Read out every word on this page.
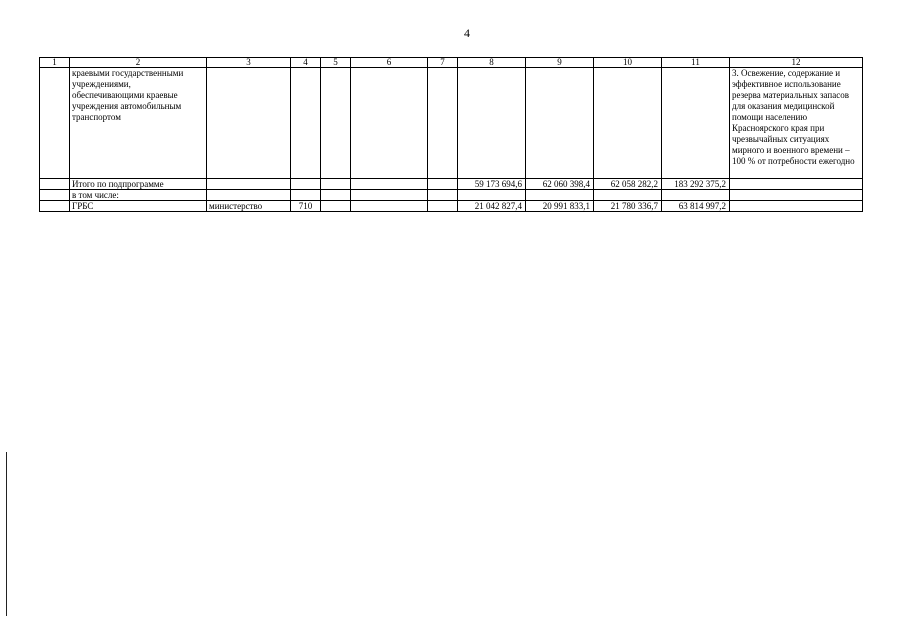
4
1	2	3	4	5	6	7	8	9	10	11	12
	краевыми государственными учреждениями, обеспечивающими краевые учреждения автомобильным транспортом										3. Освежение, содержание и эффективное использование резерва материальных запасов для оказания медицинской помощи населению Красноярского края при чрезвычайных ситуациях мирного и военного времени – 100 % от потребности ежегодно
	Итого по подпрограмме						59 173 694,6	62 060 398,4	62 058 282,2	183 292 375,2	
	в том числе:										
	ГРБС	министерство	710				21 042 827,4	20 991 833,1	21 780 336,7	63 814 997,2	
